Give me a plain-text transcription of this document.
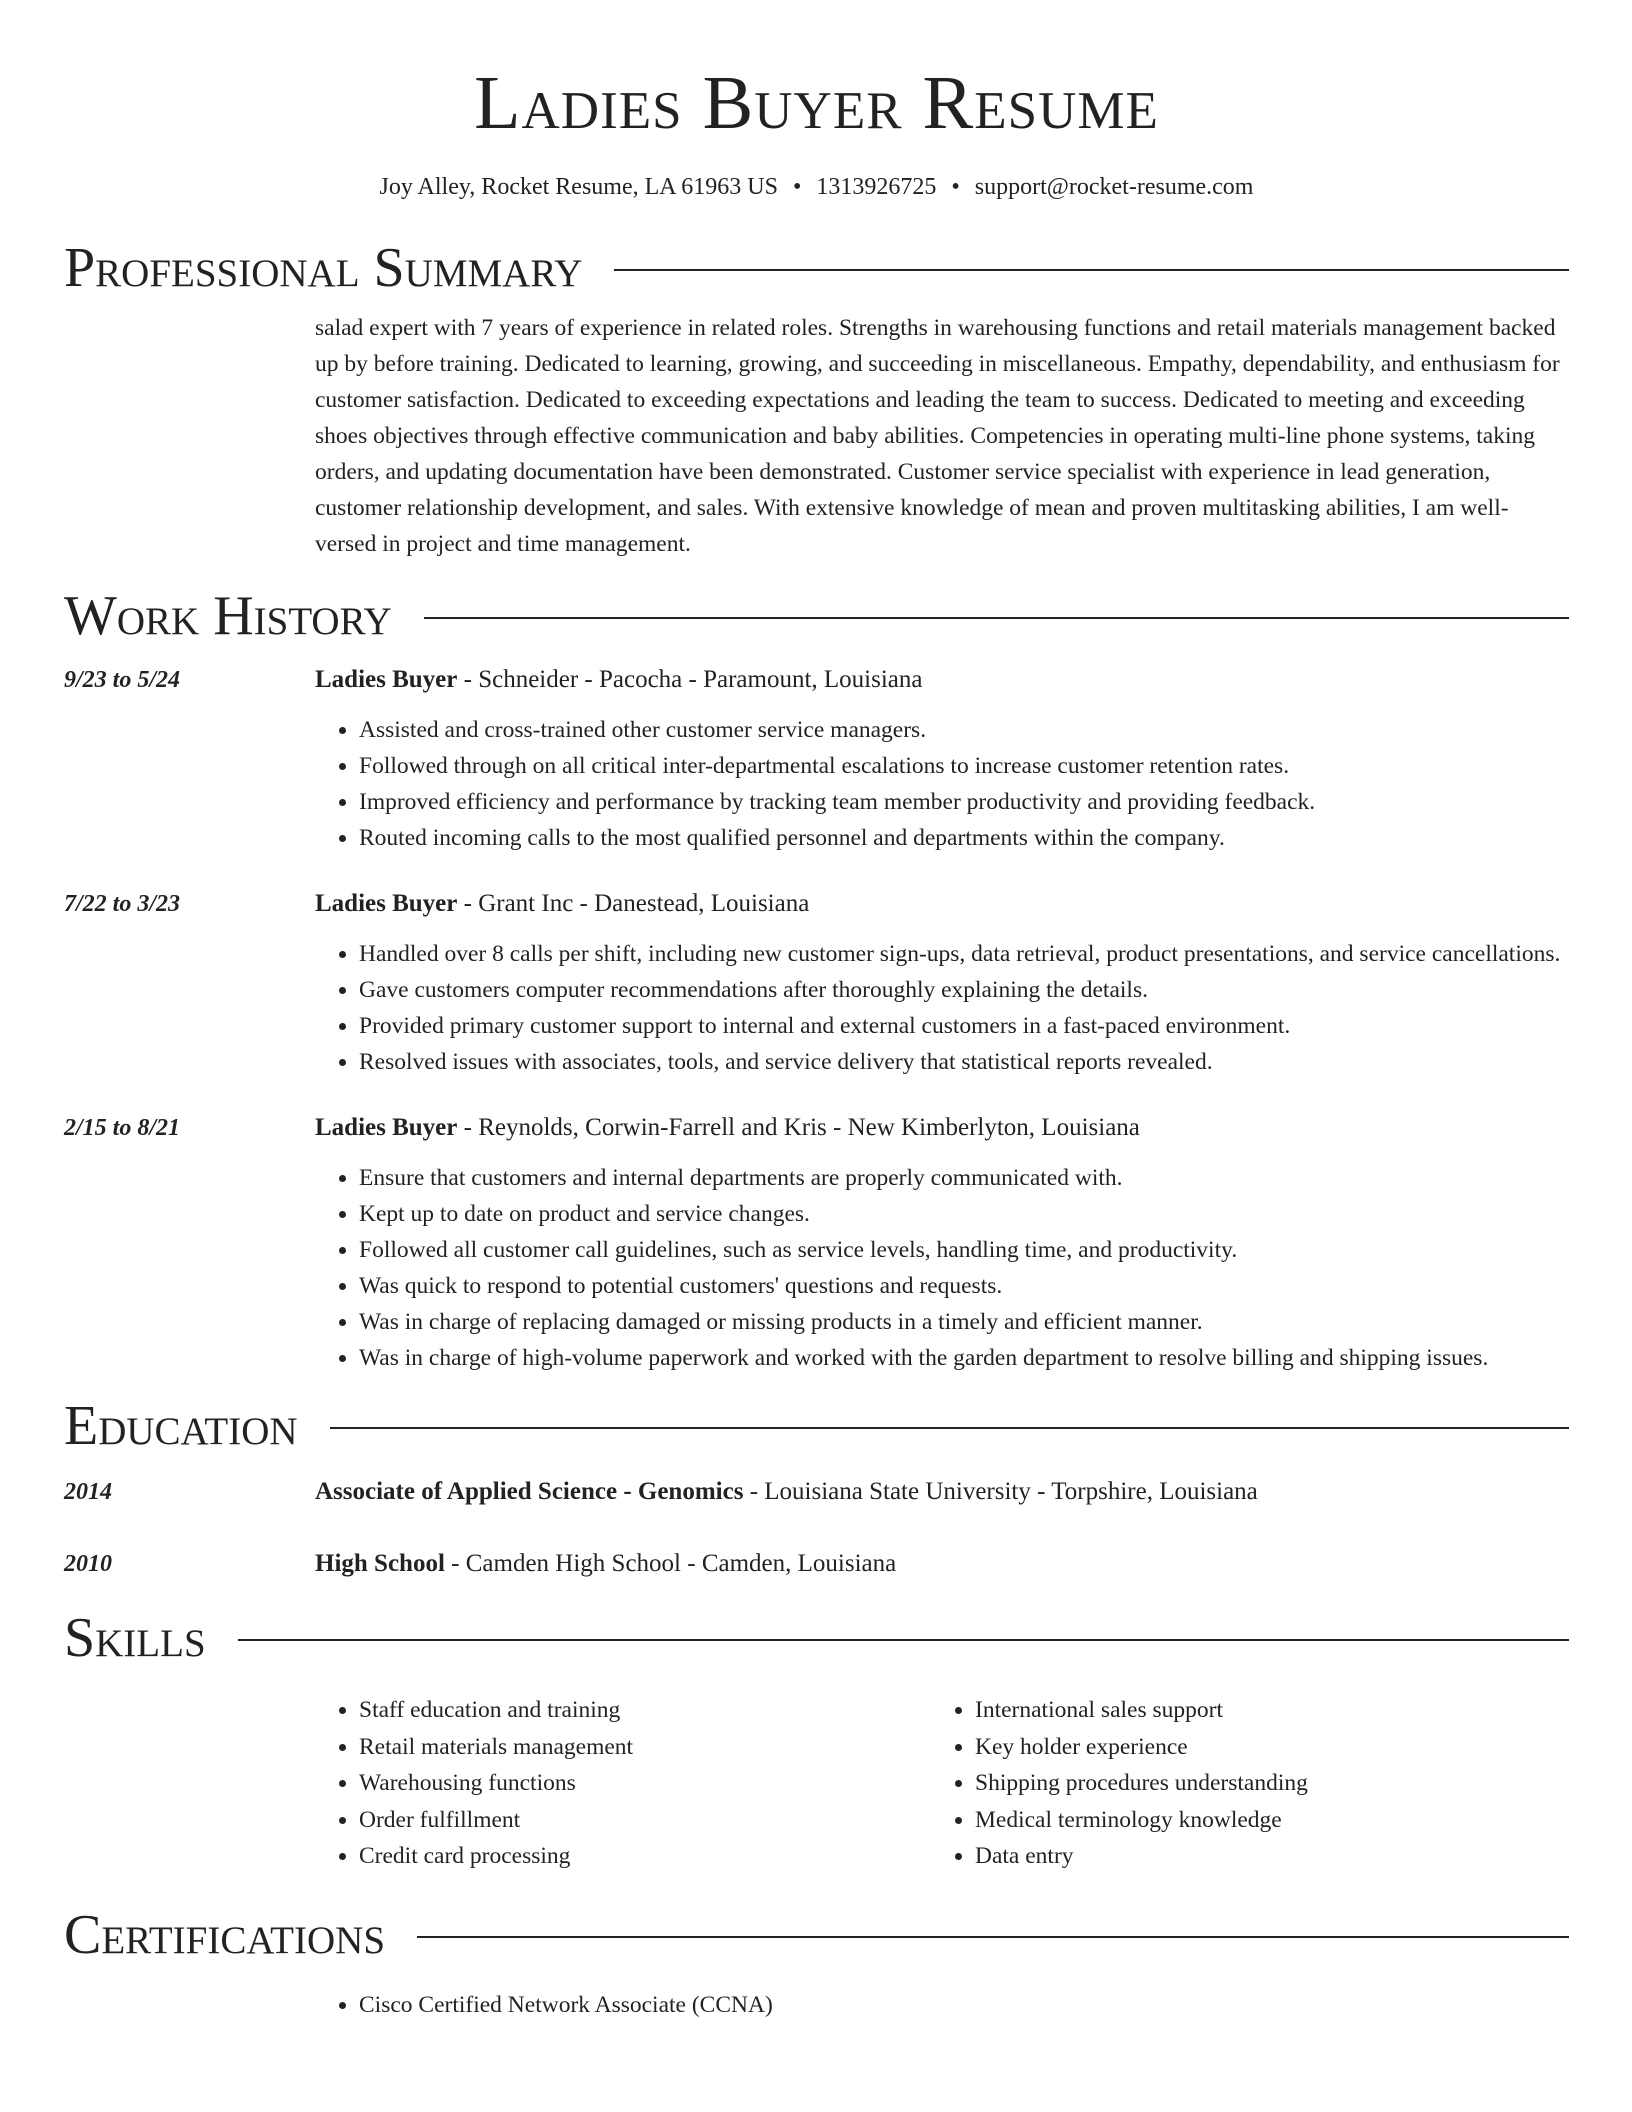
Ladies Buyer Resume
Joy Alley, Rocket Resume, LA 61963 US • 1313926725 • support@rocket-resume.com
Professional Summary

salad expert with 7 years of experience in related roles. Strengths in warehousing functions and retail materials management backed up by before training. Dedicated to learning, growing, and succeeding in miscellaneous. Empathy, dependability, and enthusiasm for customer satisfaction. Dedicated to exceeding expectations and leading the team to success. Dedicated to meeting and exceeding shoes objectives through effective communication and baby abilities. Competencies in operating multi-line phone systems, taking orders, and updating documentation have been demonstrated. Customer service specialist with experience in lead generation, customer relationship development, and sales. With extensive knowledge of mean and proven multitasking abilities, I am well-versed in project and time management.

Work History
9/23 to 5/24	Ladies Buyer - Schneider - Pacocha - Paramount, Louisiana
• Assisted and cross-trained other customer service managers.
• Followed through on all critical inter-departmental escalations to increase customer retention rates.
• Improved efficiency and performance by tracking team member productivity and providing feedback.
• Routed incoming calls to the most qualified personnel and departments within the company.
7/22 to 3/23	Ladies Buyer - Grant Inc - Danestead, Louisiana
• Handled over 8 calls per shift, including new customer sign-ups, data retrieval, product presentations, and service cancellations.
• Gave customers computer recommendations after thoroughly explaining the details.
• Provided primary customer support to internal and external customers in a fast-paced environment.
• Resolved issues with associates, tools, and service delivery that statistical reports revealed.
2/15 to 8/21	Ladies Buyer - Reynolds, Corwin-Farrell and Kris - New Kimberlyton, Louisiana
• Ensure that customers and internal departments are properly communicated with.
• Kept up to date on product and service changes.
• Followed all customer call guidelines, such as service levels, handling time, and productivity.
• Was quick to respond to potential customers' questions and requests.
• Was in charge of replacing damaged or missing products in a timely and efficient manner.
• Was in charge of high-volume paperwork and worked with the garden department to resolve billing and shipping issues.
Education
2014	Associate of Applied Science - Genomics - Louisiana State University - Torpshire, Louisiana
2010	High School - Camden High School - Camden, Louisiana
Skills
• Staff education and training
• Retail materials management
• Warehousing functions
• Order fulfillment
• Credit card processing
• International sales support
• Key holder experience
• Shipping procedures understanding
• Medical terminology knowledge
• Data entry
Certifications
• Cisco Certified Network Associate (CCNA)
